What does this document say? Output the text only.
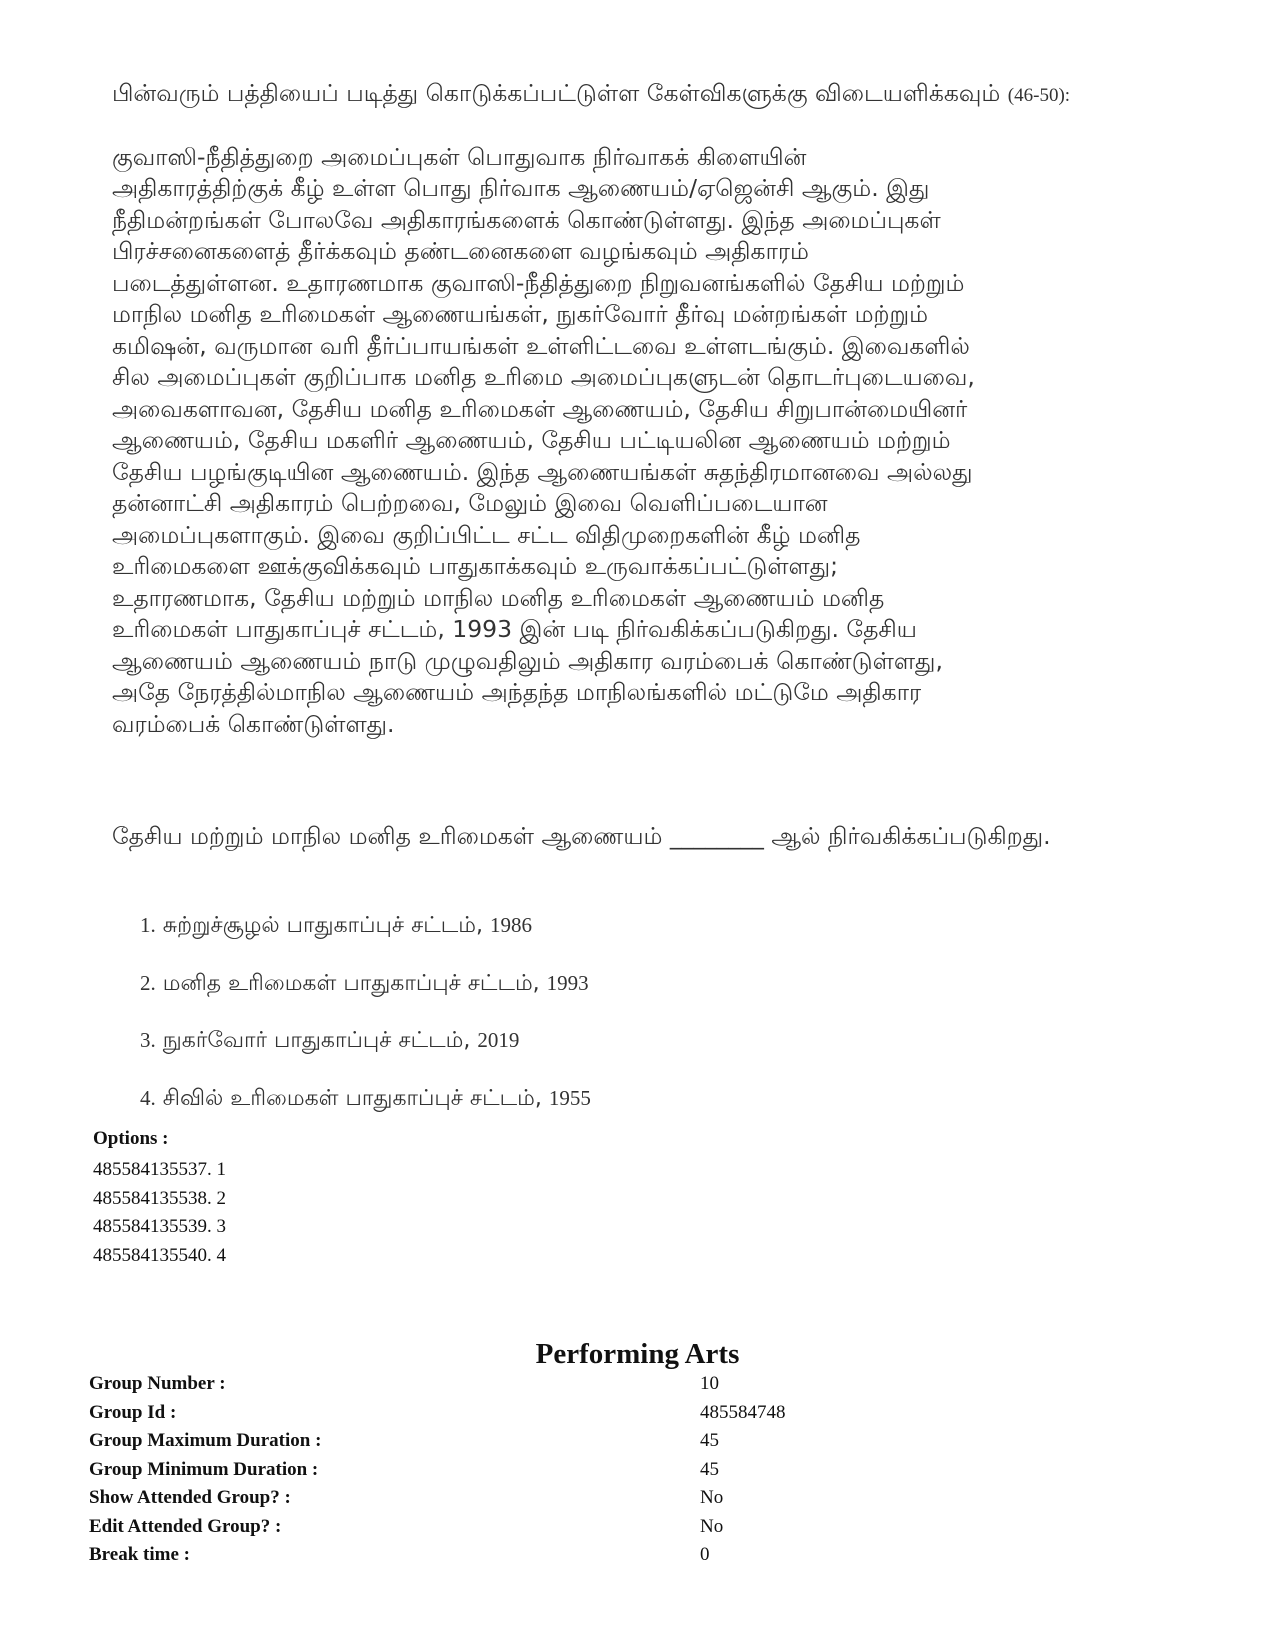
பின்வரும் பத்தியைப் படித்து கொடுக்கப்பட்டுள்ள கேள்விகளுக்கு விடையளிக்கவும் (46-50):

குவாஸி-நீதித்துறை அமைப்புகள் பொதுவாக நிர்வாகக் கிளையின்

அதிகாரத்திற்குக் கீழ் உள்ள பொது நிர்வாக ஆணையம்/ஏஜென்சி ஆகும். இது

நீதிமன்றங்கள் போலவே அதிகாரங்களைக் கொண்டுள்ளது. இந்த அமைப்புகள்

பிரச்சனைகளைத் தீர்க்கவும் தண்டனைகளை வழங்கவும் அதிகாரம்

படைத்துள்ளன. உதாரணமாக குவாஸி-நீதித்துறை நிறுவனங்களில் தேசிய மற்றும்

மாநில மனித உரிமைகள் ஆணையங்கள், நுகர்வோர் தீர்வு மன்றங்கள் மற்றும்

கமிஷன், வருமான வரி தீர்ப்பாயங்கள் உள்ளிட்டவை உள்ளடங்கும். இவைகளில்

சில அமைப்புகள் குறிப்பாக மனித உரிமை அமைப்புகளுடன் தொடர்புடையவை,

அவைகளாவன, தேசிய மனித உரிமைகள் ஆணையம், தேசிய சிறுபான்மையினர்

ஆணையம், தேசிய மகளிர் ஆணையம், தேசிய பட்டியலின ஆணையம் மற்றும்

தேசிய பழங்குடியின ஆணையம். இந்த ஆணையங்கள் சுதந்திரமானவை அல்லது

தன்னாட்சி அதிகாரம் பெற்றவை, மேலும் இவை வெளிப்படையான

அமைப்புகளாகும். இவை குறிப்பிட்ட சட்ட விதிமுறைகளின் கீழ் மனித

உரிமைகளை ஊக்குவிக்கவும் பாதுகாக்கவும் உருவாக்கப்பட்டுள்ளது;

உதாரணமாக, தேசிய மற்றும் மாநில மனித உரிமைகள் ஆணையம் மனித

உரிமைகள் பாதுகாப்புச் சட்டம், 1993 இன் படி நிர்வகிக்கப்படுகிறது. தேசிய

ஆணையம் ஆணையம் நாடு முழுவதிலும் அதிகார வரம்பைக் கொண்டுள்ளது,

அதே நேரத்தில்மாநில ஆணையம் அந்தந்த மாநிலங்களில் மட்டுமே அதிகார

வரம்பைக் கொண்டுள்ளது.

தேசிய மற்றும் மாநில மனித உரிமைகள் ஆணையம் ________ ஆல் நிர்வகிக்கப்படுகிறது.
1. சுற்றுச்சூழல் பாதுகாப்புச் சட்டம், 1986
2. மனித உரிமைகள் பாதுகாப்புச் சட்டம், 1993
3. நுகர்வோர் பாதுகாப்புச் சட்டம், 2019
4. சிவில் உரிமைகள் பாதுகாப்புச் சட்டம், 1955
Options :
485584135537. 1
485584135538. 2
485584135539. 3
485584135540. 4
Performing Arts
Group Number :	10
Group Id :	485584748
Group Maximum Duration :	45
Group Minimum Duration :	45
Show Attended Group? :	No
Edit Attended Group? :	No
Break time :	0
